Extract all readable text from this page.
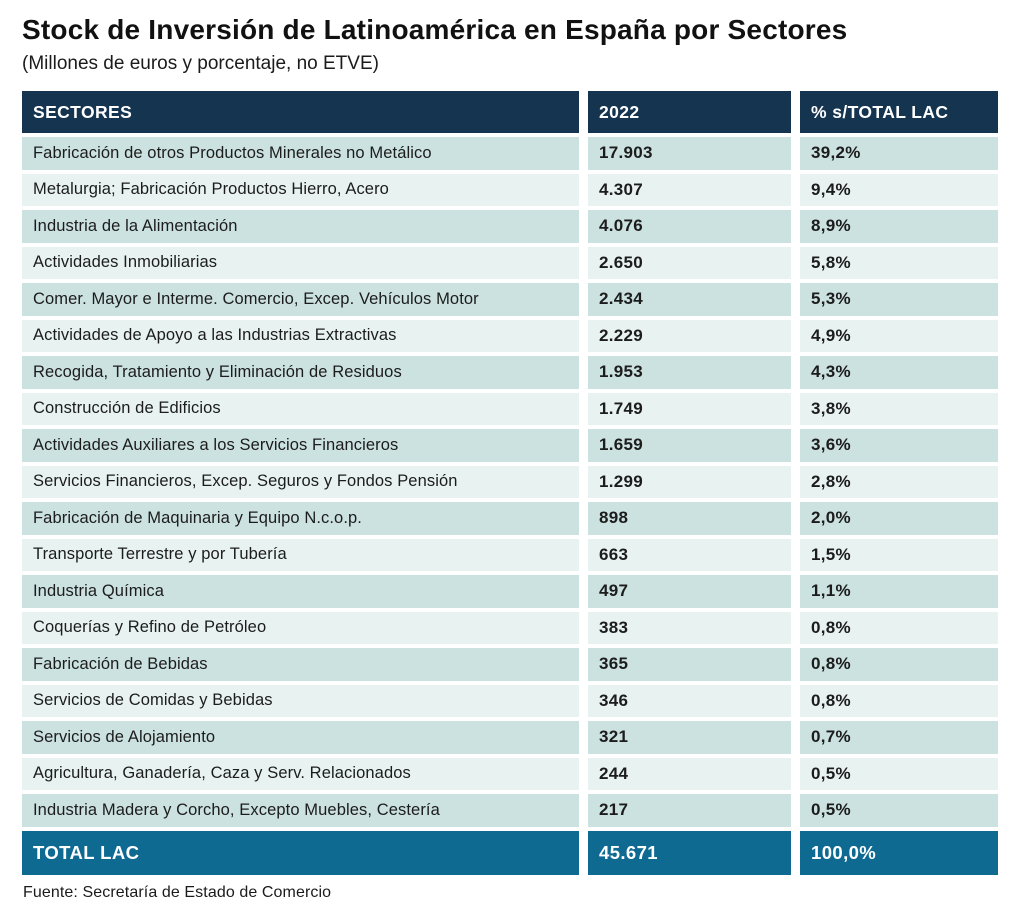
Stock de Inversión de Latinoamérica en España por Sectores
(Millones de euros y porcentaje, no ETVE)
SECTORES	2022	% s/TOTAL LAC
Fabricación de otros Productos Minerales no Metálico	17.903	39,2%
Metalurgia; Fabricación Productos Hierro, Acero	4.307	9,4%
Industria de la Alimentación	4.076	8,9%
Actividades Inmobiliarias	2.650	5,8%
Comer. Mayor e Interme. Comercio, Excep. Vehículos Motor	2.434	5,3%
Actividades de Apoyo a las Industrias Extractivas	2.229	4,9%
Recogida, Tratamiento y Eliminación de Residuos	1.953	4,3%
Construcción de Edificios	1.749	3,8%
Actividades Auxiliares a los Servicios Financieros	1.659	3,6%
Servicios Financieros, Excep. Seguros y Fondos Pensión	1.299	2,8%
Fabricación de Maquinaria y Equipo N.c.o.p.	898	2,0%
Transporte Terrestre y por Tubería	663	1,5%
Industria Química	497	1,1%
Coquerías y Refino de Petróleo	383	0,8%
Fabricación de Bebidas	365	0,8%
Servicios de Comidas y Bebidas	346	0,8%
Servicios de Alojamiento	321	0,7%
Agricultura, Ganadería, Caza y Serv. Relacionados	244	0,5%
Industria Madera y Corcho, Excepto Muebles, Cestería	217	0,5%
TOTAL LAC	45.671	100,0%
Fuente: Secretaría de Estado de Comercio
